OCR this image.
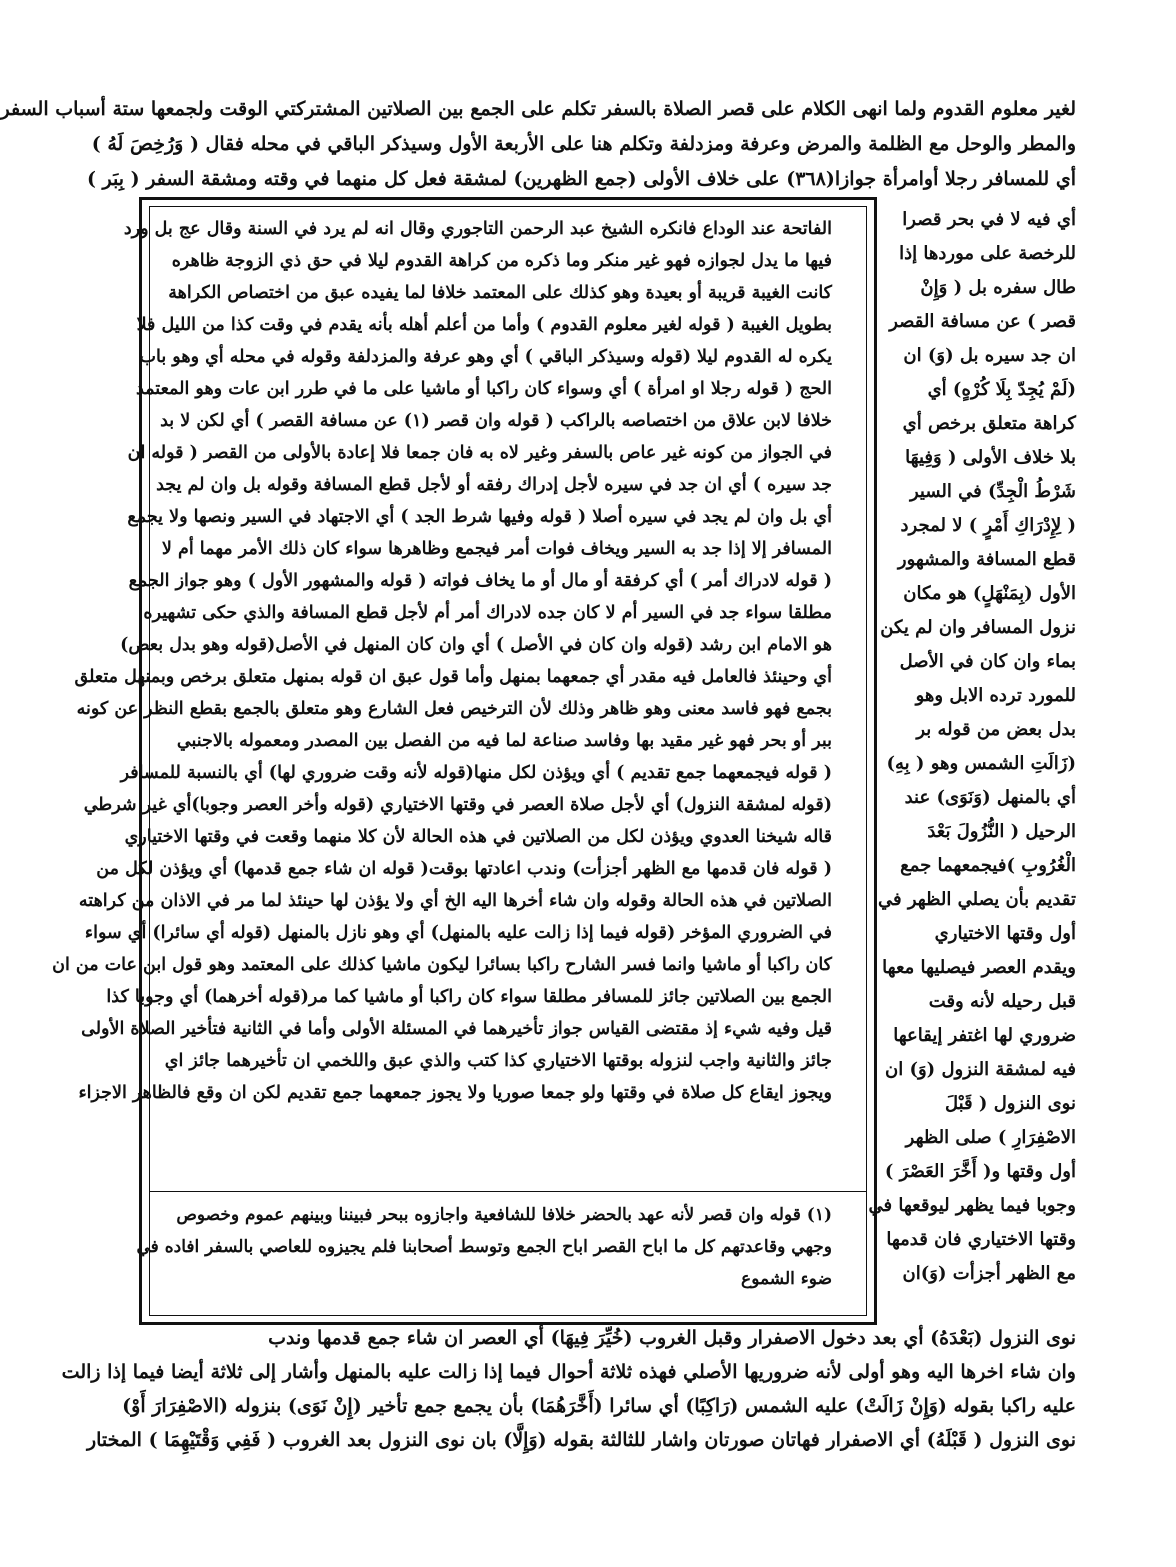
لغير معلوم القدوم ولما انهى الكلام على قصر الصلاة بالسفر تكلم على الجمع بين الصلاتين المشتركتي الوقت ولجمعها ستة أسباب السفر
والمطر والوحل مع الظلمة والمرض وعرفة ومزدلفة وتكلم هنا على الأربعة الأول وسيذكر الباقي في محله فقال ( وَرُخِصَ لَهُ )
أي للمسافر رجلا أوامرأة جوازا(٣٦٨) على خلاف الأولى (جمع الظهرين) لمشقة فعل كل منهما في وقته ومشقة السفر ( بِبَر )
أي فيه لا في بحر قصرا
للرخصة على موردها إذا
طال سفره بل ( وَإِنْ
قصر ) عن مسافة القصر
ان جد سيره بل (وَ) ان
(لَمْ يُجِدّ بِلَا كُرْهٍ) أي
كراهة متعلق برخص أي
بلا خلاف الأولى ( وَفِيهَا
شَرْطُ الْجِدِّ) في السير
( لِإِدْرَاكِ أَمْرٍ ) لا لمجرد
قطع المسافة والمشهور
الأول (بِمَنْهَلٍ) هو مكان
نزول المسافر وان لم يكن
بماء وان كان في الأصل
للمورد ترده الابل وهو
بدل بعض من قوله بر
(زَالَتِ الشمس وهو ( بِهِ)
أي بالمنهل (وَنَوَى) عند
الرحيل ( النُّزُولَ بَعْدَ
الْغُرُوبِ )فيجمعهما جمع
تقديم بأن يصلي الظهر في
أول وقتها الاختياري
ويقدم العصر فيصليها معها
قبل رحيله لأنه وقت
ضروري لها اغتفر إيقاعها
فيه لمشقة النزول (وَ) ان
نوى النزول ( قَبْلَ
الاصْفِرَارِ ) صلى الظهر
أول وقتها و( أَخَّرَ العَصْرَ )
وجوبا فيما يظهر ليوقعها في
وقتها الاختياري فان قدمها
مع الظهر أجزأت (وَ)ان
الفاتحة عند الوداع فانكره الشيخ عبد الرحمن التاجوري وقال انه لم يرد في السنة وقال عج بل ورد
فيها ما يدل لجوازه فهو غير منكر وما ذكره من كراهة القدوم ليلا في حق ذي الزوجة ظاهره
كانت الغيبة قريبة أو بعيدة وهو كذلك على المعتمد خلافا لما يفيده عبق من اختصاص الكراهة
بطويل الغيبة ( قوله لغير معلوم القدوم ) وأما من أعلم أهله بأنه يقدم في وقت كذا من الليل فلا
يكره له القدوم ليلا (قوله وسيذكر الباقي ) أي وهو عرفة والمزدلفة وقوله في محله أي وهو باب
الحج ( قوله رجلا او امرأة ) أي وسواء كان راكبا أو ماشيا على ما في طرر ابن عات وهو المعتمد
خلافا لابن علاق من اختصاصه بالراكب ( قوله وان قصر (١) عن مسافة القصر ) أي لكن لا بد
في الجواز من كونه غير عاص بالسفر وغير لاه به فان جمعا فلا إعادة بالأولى من القصر ( قوله ان
جد سيره ) أي ان جد في سيره لأجل إدراك رفقه أو لأجل قطع المسافة وقوله بل وان لم يجد
أي بل وان لم يجد في سيره أصلا ( قوله وفيها شرط الجد ) أي الاجتهاد في السير ونصها ولا يجمع
المسافر إلا إذا جد به السير ويخاف فوات أمر فيجمع وظاهرها سواء كان ذلك الأمر مهما أم لا
( قوله لادراك أمر ) أي كرفقة أو مال أو ما يخاف فواته ( قوله والمشهور الأول ) وهو جواز الجمع
مطلقا سواء جد في السير أم لا كان جده لادراك أمر أم لأجل قطع المسافة والذي حكى تشهيره
هو الامام ابن رشد (قوله وان كان في الأصل ) أي وان كان المنهل في الأصل(قوله وهو بدل بعض)
أي وحينئذ فالعامل فيه مقدر أي جمعهما بمنهل وأما قول عبق ان قوله بمنهل متعلق برخص وبمنهل متعلق
بجمع فهو فاسد معنى وهو ظاهر وذلك لأن الترخيص فعل الشارع وهو متعلق بالجمع بقطع النظر عن كونه
ببر أو بحر فهو غير مقيد بها وفاسد صناعة لما فيه من الفصل بين المصدر ومعموله بالاجنبي
( قوله فيجمعهما جمع تقديم ) أي ويؤذن لكل منها(قوله لأنه وقت ضروري لها) أي بالنسبة للمسافر
(قوله لمشقة النزول) أي لأجل صلاة العصر في وقتها الاختياري (قوله وأخر العصر وجوبا)أي غير شرطي
قاله شيخنا العدوي ويؤذن لكل من الصلاتين في هذه الحالة لأن كلا منهما وقعت في وقتها الاختياري
( قوله فان قدمها مع الظهر أجزأت) وندب اعادتها بوقت( قوله ان شاء جمع قدمها) أي ويؤذن لكل من
الصلاتين في هذه الحالة وقوله وان شاء أخرها اليه الخ أي ولا يؤذن لها حينئذ لما مر في الاذان من كراهته
في الضروري المؤخر (قوله فيما إذا زالت عليه بالمنهل) أي وهو نازل بالمنهل (قوله أي سائرا) أي سواء
كان راكبا أو ماشيا وانما فسر الشارح راكبا بسائرا ليكون ماشيا كذلك على المعتمد وهو قول ابن عات من ان
الجمع بين الصلاتين جائز للمسافر مطلقا سواء كان راكبا أو ماشيا كما مر(قوله أخرهما) أي وجوبا كذا
قيل وفيه شيء إذ مقتضى القياس جواز تأخيرهما في المسئلة الأولى وأما في الثانية فتأخير الصلاة الأولى
جائز والثانية واجب لنزوله بوقتها الاختياري كذا كتب والذي عبق واللخمي ان تأخيرهما جائز اي
ويجوز ايقاع كل صلاة في وقتها ولو جمعا صوريا ولا يجوز جمعهما جمع تقديم لكن ان وقع فالظاهر الاجزاء
(١) قوله وان قصر لأنه عهد بالحضر خلافا للشافعية واجازوه ببحر فبيننا وبينهم عموم وخصوص
وجهي وقاعدتهم كل ما اباح القصر اباح الجمع وتوسط أصحابنا فلم يجيزوه للعاصي بالسفر افاده في
ضوء الشموع
نوى النزول (بَعْدَهُ) أي بعد دخول الاصفرار وقبل الغروب (خُيِّرَ فِيهَا) أي العصر ان شاء جمع قدمها وندب
وان شاء اخرها اليه وهو أولى لأنه ضروريها الأصلي فهذه ثلاثة أحوال فيما إذا زالت عليه بالمنهل وأشار إلى ثلاثة أيضا فيما إذا زالت
عليه راكبا بقوله (وَإِنْ زَالَتْ) عليه الشمس (رَاكِبًا) أي سائرا (أَخَّرَهُمَا) بأن يجمع جمع تأخير (إِنْ نَوَى) بنزوله (الاصْفِرَارَ أَوْ)
نوى النزول ( قَبْلَهُ) أي الاصفرار فهاتان صورتان واشار للثالثة بقوله (وَإِلَّا) بان نوى النزول بعد الغروب ( فَفِي وَقْتَيْهِمَا ) المختار
